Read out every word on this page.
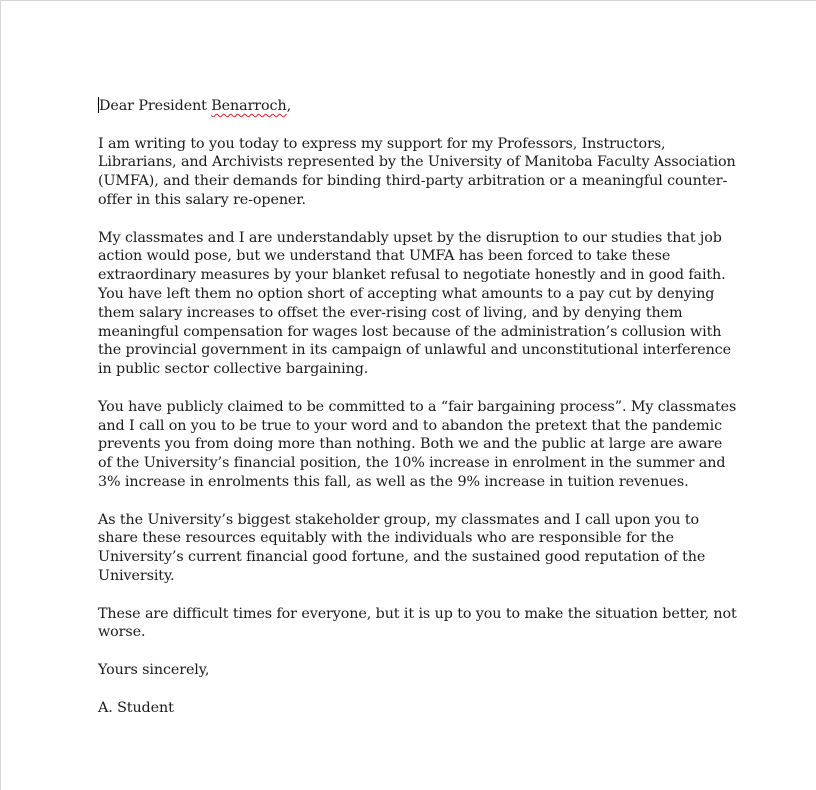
Dear President Benarroch,

I am writing to you today to express my support for my Professors, Instructors, Librarians, and Archivists represented by the University of Manitoba Faculty Association (UMFA), and their demands for binding third-party arbitration or a meaningful counter-offer in this salary re-opener.

My classmates and I are understandably upset by the disruption to our studies that job action would pose, but we understand that UMFA has been forced to take these extraordinary measures by your blanket refusal to negotiate honestly and in good faith. You have left them no option short of accepting what amounts to a pay cut by denying them salary increases to offset the ever-rising cost of living, and by denying them meaningful compensation for wages lost because of the administration’s collusion with the provincial government in its campaign of unlawful and unconstitutional interference in public sector collective bargaining.

You have publicly claimed to be committed to a “fair bargaining process”. My classmates and I call on you to be true to your word and to abandon the pretext that the pandemic prevents you from doing more than nothing. Both we and the public at large are aware of the University’s financial position, the 10% increase in enrolment in the summer and 3% increase in enrolments this fall, as well as the 9% increase in tuition revenues.

As the University’s biggest stakeholder group, my classmates and I call upon you to share these resources equitably with the individuals who are responsible for the University’s current financial good fortune, and the sustained good reputation of the University.

These are difficult times for everyone, but it is up to you to make the situation better, not worse.

Yours sincerely,

A. Student
